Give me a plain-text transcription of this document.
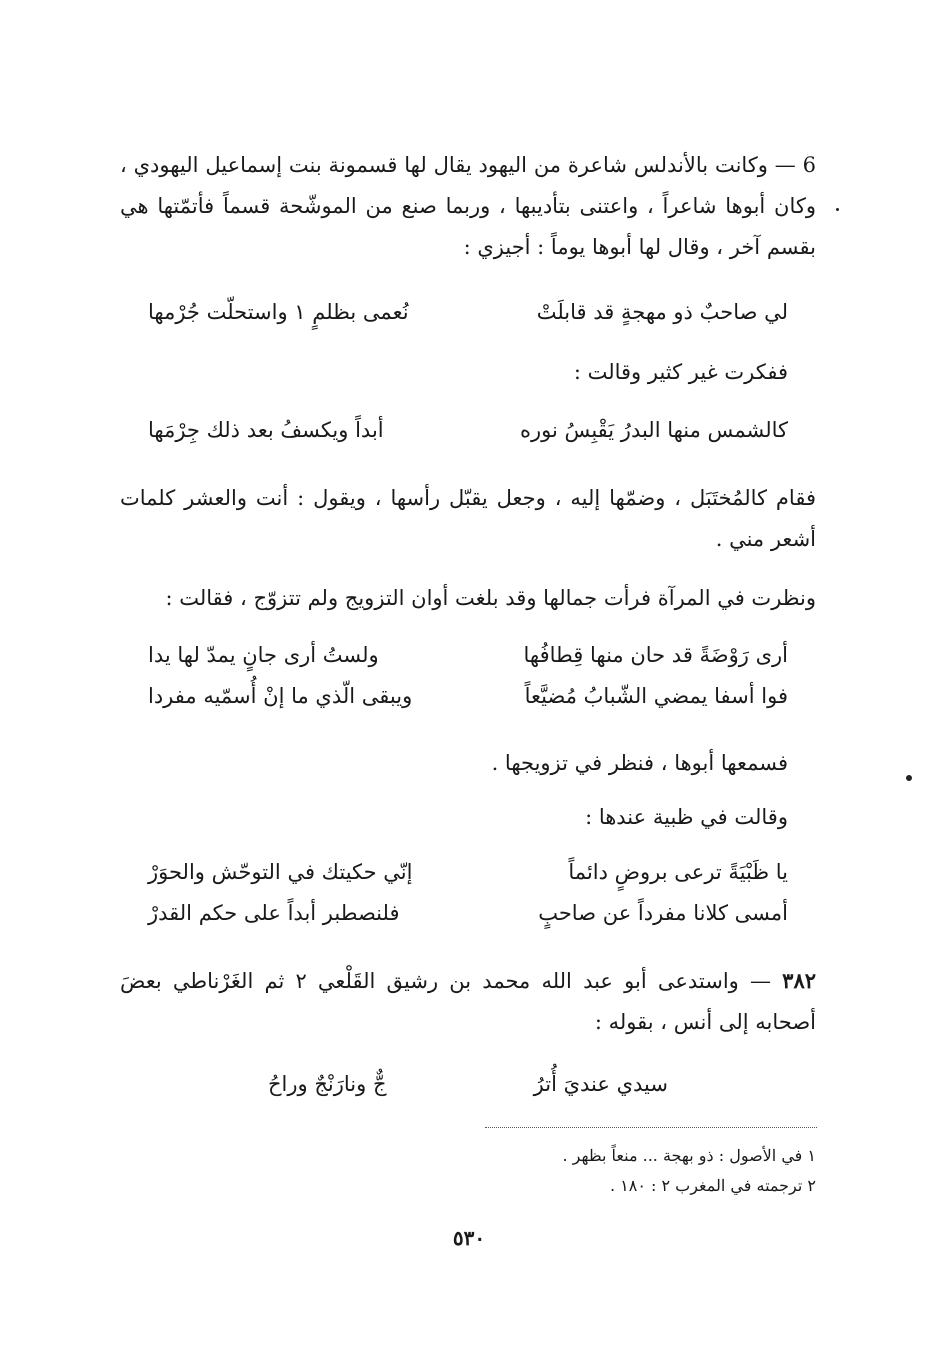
6 — وكانت بالأندلس شاعرة من اليهود يقال لها قسمونة بنت إسماعيل اليهودي ، وكان أبوها شاعراً ، واعتنى بتأديبها ، وربما صنع من الموشّحة قسماً فأتمّتها هي بقسم آخر ، وقال لها أبوها يوماً : أجيزي :

لي صاحبٌ ذو مهجةٍ قد قابلَتْ
نُعمى بظلمٍ ١ واستحلّت جُرْمها
ففكرت غير كثير وقالت :
كالشمس منها البدرُ يَقْبِسُ نوره
أبداً ويكسفُ بعد ذلك جِرْمَها

فقام كالمُختَبَل ، وضمّها إليه ، وجعل يقبّل رأسها ، ويقول : أنت والعشر كلمات أشعر مني .

ونظرت في المرآة فرأت جمالها وقد بلغت أوان التزويج ولم تتزوّج ، فقالت :

أرى رَوْضَةً قد حان منها قِطافُها
ولستُ أرى جانٍ يمدّ لها يدا
فوا أسفا يمضي الشّبابُ مُضيَّعاً
ويبقى الّذي ما إنْ أُسمّيه مفردا
فسمعها أبوها ، فنظر في تزويجها .
وقالت في ظبية عندها :
يا ظَبْيَةً ترعى بروضٍ دائماً
إنّي حكيتك في التوحّش والحوَرْ
أمسى كلانا مفرداً عن صاحبٍ
فلنصطبر أبداً على حكم القدرْ

٣٨٢ — واستدعى أبو عبد الله محمد بن رشيق القَلْعي ٢ ثم الغَرْناطي بعضَ أصحابه إلى أنس ، بقوله :

سيدي عنديَ أُترُ
جٌّ ونارَنْجٌ وراحُ
١ في الأصول : ذو بهجة ... منعاً بظهر .
٢ ترجمته في المغرب ٢ : ١٨٠ .
٥٣٠
